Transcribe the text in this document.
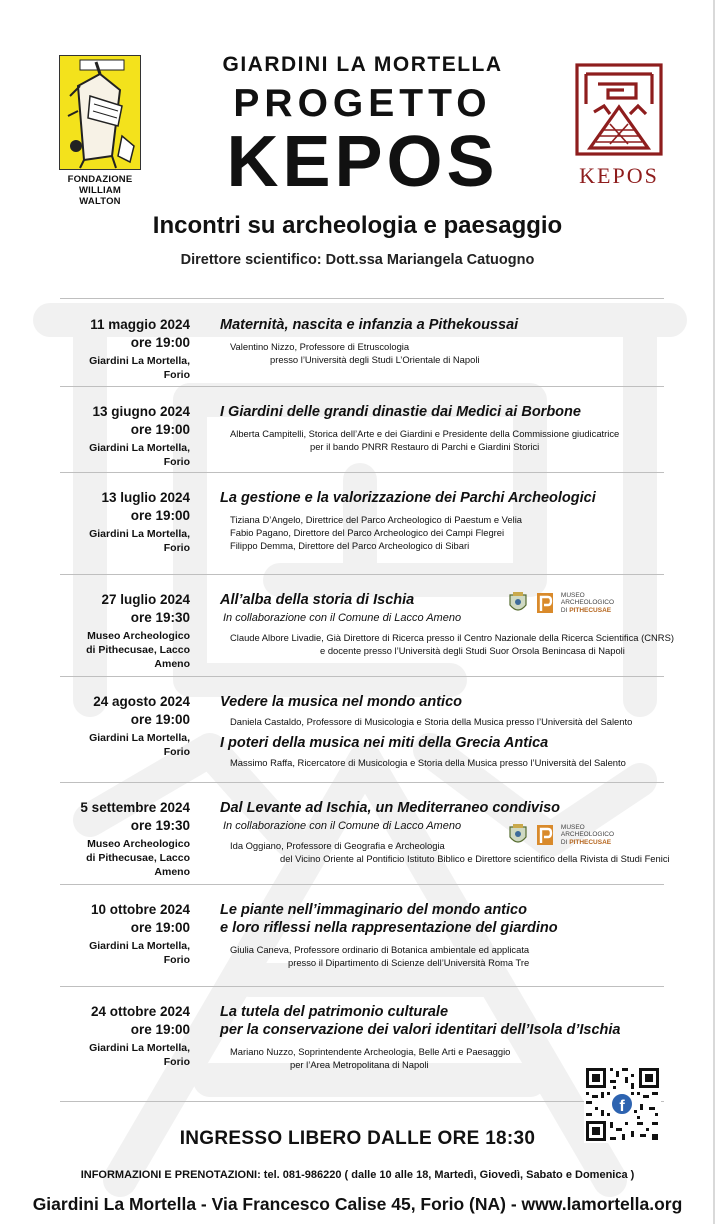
FONDAZIONE
WILLIAM WALTON
GIARDINI LA MORTELLA
PROGETTO
KEPOS	KEPOS
Incontri su archeologia e paesaggio
Direttore scientifico: Dott.ssa Mariangela Catuogno
11 maggio 2024
ore 19:00
Giardini La Mortella, Forio
Maternità, nascita e infanzia a Pithekoussai
Valentino Nizzo, Professore di Etruscologia
presso l’Università degli Studi L’Orientale di Napoli
13 giugno 2024
ore 19:00
Giardini La Mortella, Forio
I Giardini delle grandi dinastie dai Medici ai Borbone
Alberta Campitelli, Storica dell’Arte e dei Giardini e Presidente della Commissione giudicatrice
per il bando PNRR Restauro di Parchi e Giardini Storici
13 luglio 2024
ore 19:00
Giardini La Mortella, Forio
La gestione e la valorizzazione dei Parchi Archeologici
Tiziana D’Angelo, Direttrice del Parco Archeologico di Paestum e Velia
Fabio Pagano, Direttore del Parco Archeologico dei Campi Flegrei
Filippo Demma, Direttore del Parco Archeologico di Sibari
27 luglio 2024
ore 19:30
Museo Archeologico
di Pithecusae, Lacco Ameno
All’alba della storia di Ischia
In collaborazione con il Comune di Lacco Ameno
Claude Albore Livadie, Già Direttore di Ricerca presso il Centro Nazionale della Ricerca Scientifica (CNRS)
e docente presso l’Università degli Studi Suor Orsola Benincasa di Napoli
MUSEO
ARCHEOLOGICO
DI PITHECUSAE
24 agosto 2024
ore 19:00
Giardini La Mortella, Forio
Vedere la musica nel mondo antico
Daniela Castaldo, Professore di Musicologia e Storia della Musica presso l’Università del Salento
I poteri della musica nei miti della Grecia Antica
Massimo Raffa, Ricercatore di Musicologia e Storia della Musica presso l’Università del Salento
5 settembre 2024
ore 19:30
Museo Archeologico
di Pithecusae, Lacco Ameno
Dal Levante ad Ischia, un Mediterraneo condiviso
In collaborazione con il Comune di Lacco Ameno
Ida Oggiano, Professore di Geografia e Archeologia
del Vicino Oriente al Pontificio Istituto Biblico e Direttore scientifico della Rivista di Studi Fenici
MUSEO
ARCHEOLOGICO
DI PITHECUSAE
10 ottobre 2024
ore 19:00
Giardini La Mortella, Forio
Le piante nell’immaginario del mondo antico
e loro riflessi nella rappresentazione del giardino
Giulia Caneva, Professore ordinario di Botanica ambientale ed applicata
presso il Dipartimento di Scienze dell’Università Roma Tre
24 ottobre 2024
ore 19:00
Giardini La Mortella, Forio
La tutela del patrimonio culturale
per la conservazione dei valori identitari dell’Isola d’Ischia
Mariano Nuzzo, Soprintendente Archeologia, Belle Arti e Paesaggio
per l’Area Metropolitana di Napoli
f
INGRESSO LIBERO DALLE ORE 18:30
INFORMAZIONI E PRENOTAZIONI: tel. 081-986220 ( dalle 10 alle 18, Martedì, Giovedì, Sabato e Domenica )
Giardini La Mortella - Via Francesco Calise 45, Forio (NA) - www.lamortella.org
